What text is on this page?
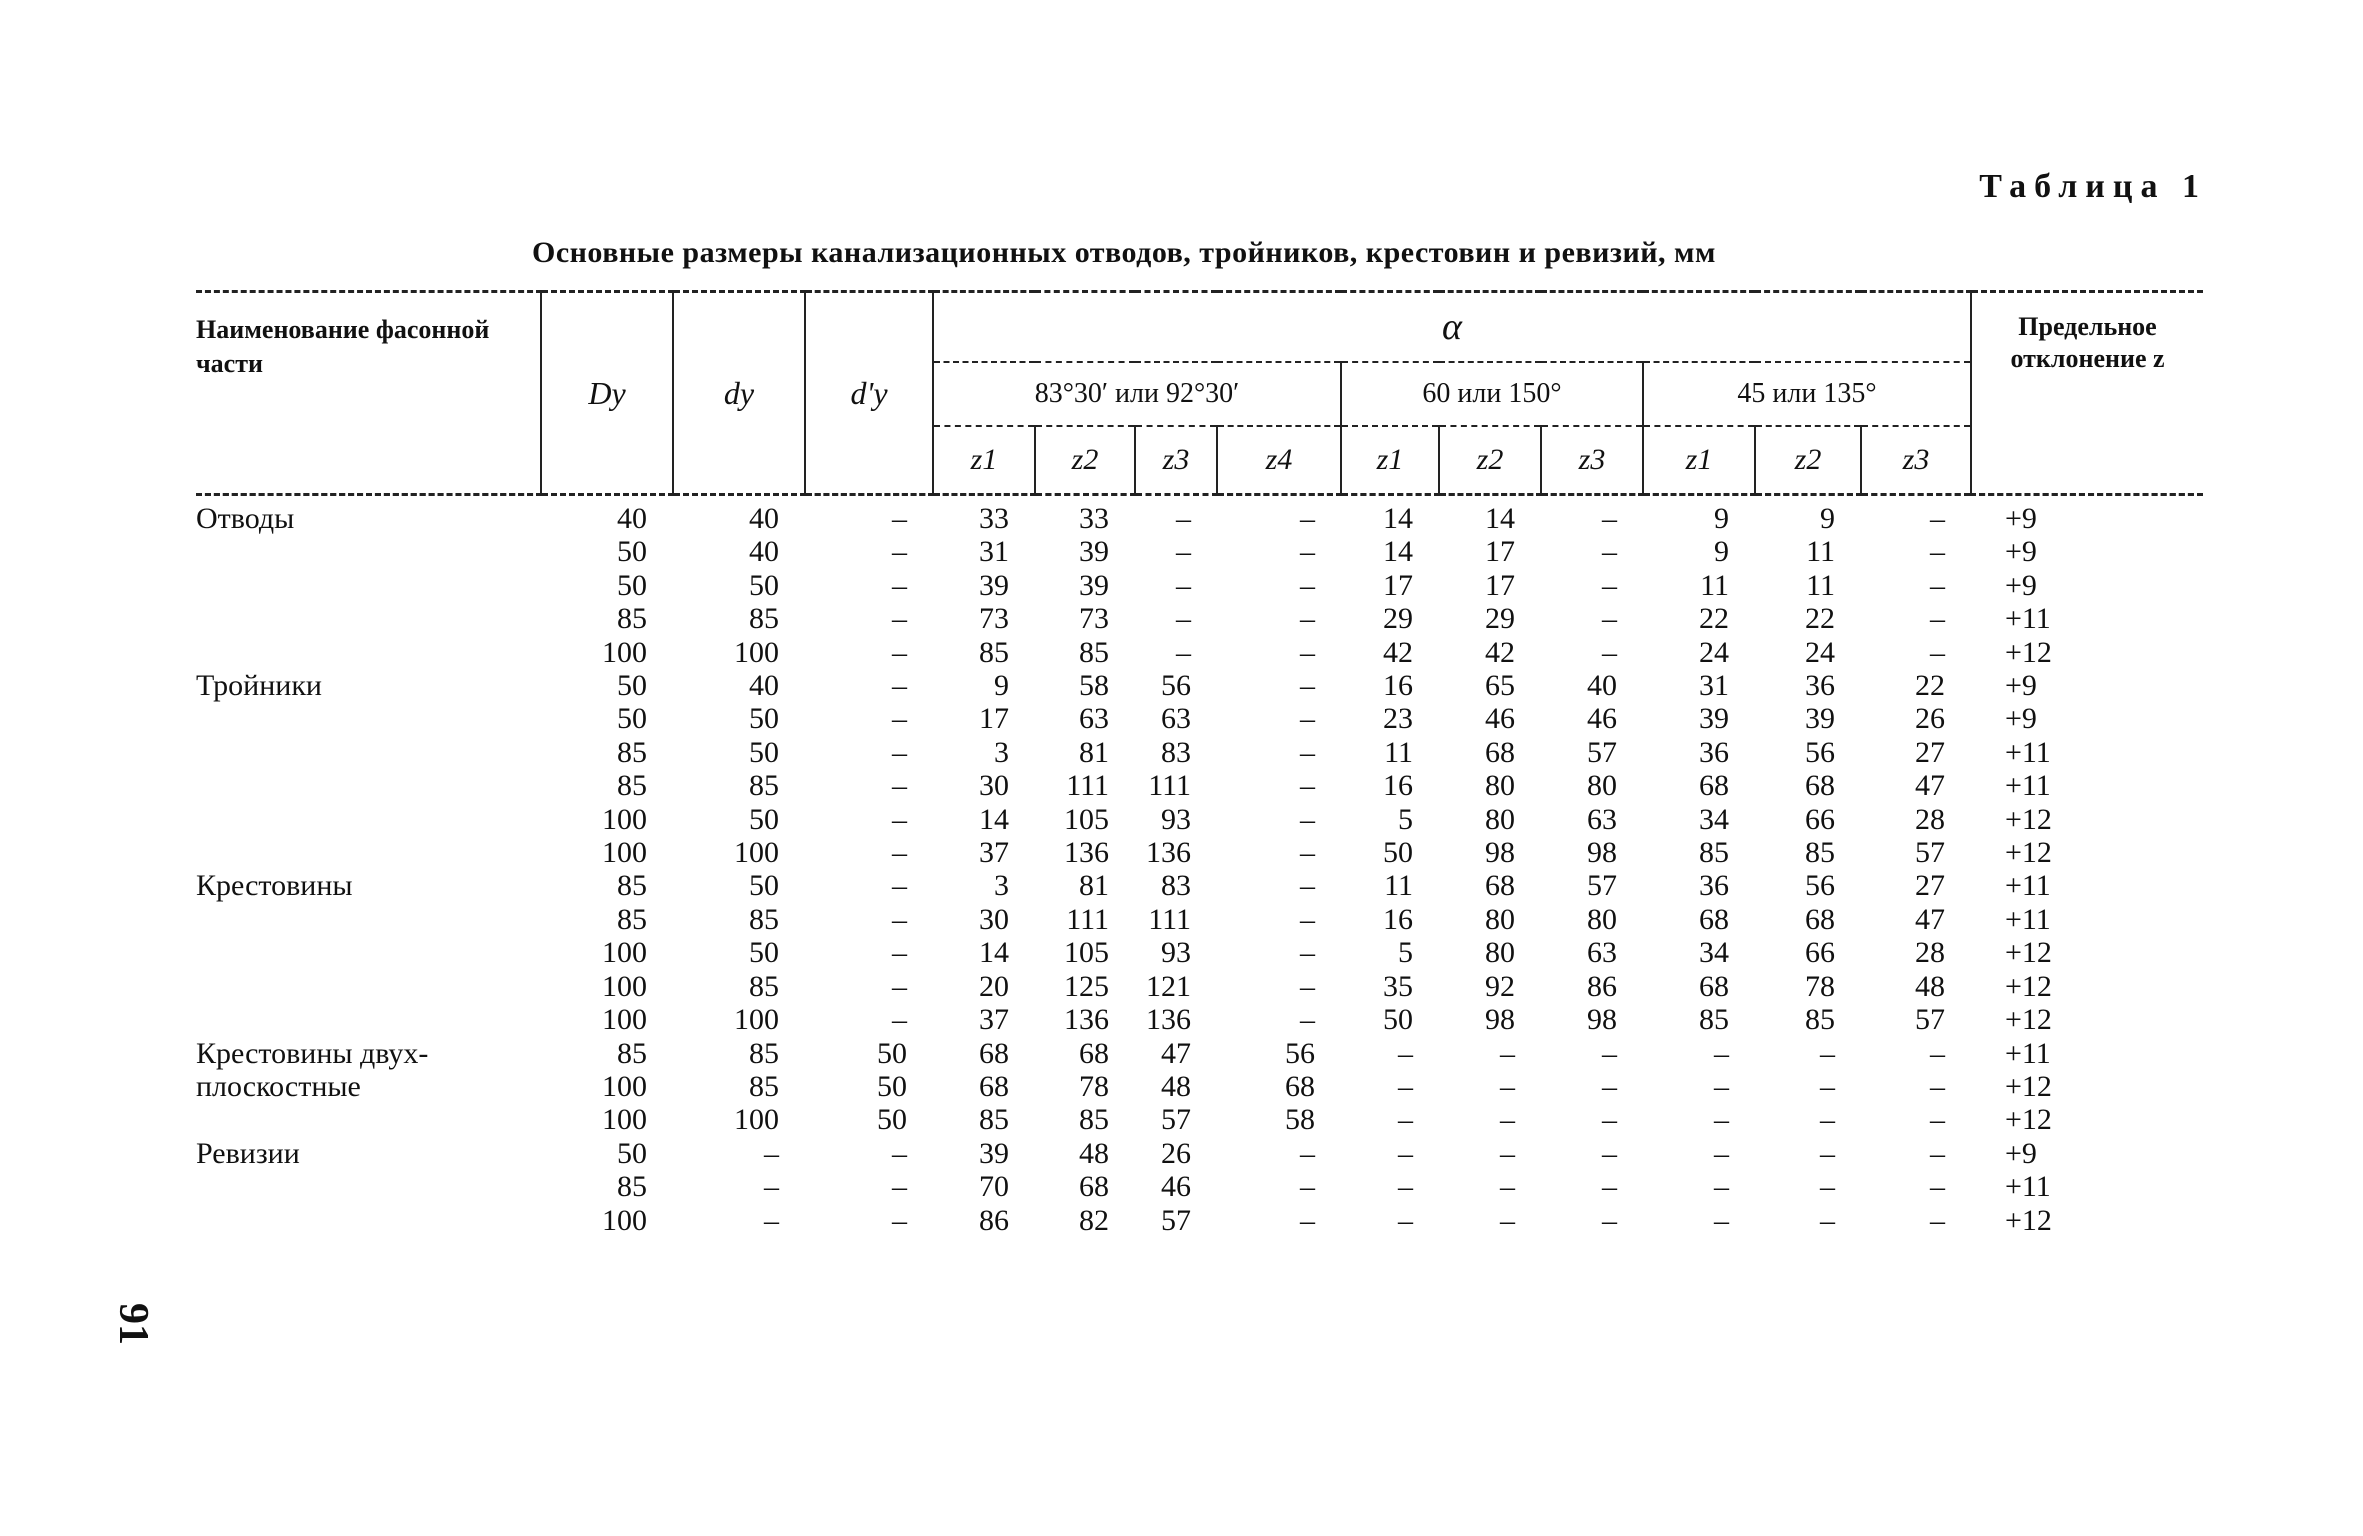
Таблица 1
Основные размеры канализационных отводов, тройников, крестовин и ревизий, мм
91
Наименование фасонной части	Dу	dу	d'у	α										Предельное отклонение z
				83°30′ или 92°30′				60 или 150°			45 или 135°			
				z1	z2	z3	z4	z1	z2	z3	z1	z2	z3	
Отводы	40	40	–	33	33	–	–	14	14	–	9	9	–	+9
	50	40	–	31	39	–	–	14	17	–	9	11	–	+9
	50	50	–	39	39	–	–	17	17	–	11	11	–	+9
	85	85	–	73	73	–	–	29	29	–	22	22	–	+11
	100	100	–	85	85	–	–	42	42	–	24	24	–	+12
Тройники	50	40	–	9	58	56	–	16	65	40	31	36	22	+9
	50	50	–	17	63	63	–	23	46	46	39	39	26	+9
	85	50	–	3	81	83	–	11	68	57	36	56	27	+11
	85	85	–	30	111	111	–	16	80	80	68	68	47	+11
	100	50	–	14	105	93	–	5	80	63	34	66	28	+12
	100	100	–	37	136	136	–	50	98	98	85	85	57	+12
Крестовины	85	50	–	3	81	83	–	11	68	57	36	56	27	+11
	85	85	–	30	111	111	–	16	80	80	68	68	47	+11
	100	50	–	14	105	93	–	5	80	63	34	66	28	+12
	100	85	–	20	125	121	–	35	92	86	68	78	48	+12
	100	100	–	37	136	136	–	50	98	98	85	85	57	+12
Крестовины двух-	85	85	50	68	68	47	56	–	–	–	–	–	–	+11
плоскостные	100	85	50	68	78	48	68	–	–	–	–	–	–	+12
	100	100	50	85	85	57	58	–	–	–	–	–	–	+12
Ревизии	50	–	–	39	48	26	–	–	–	–	–	–	–	+9
	85	–	–	70	68	46	–	–	–	–	–	–	–	+11
	100	–	–	86	82	57	–	–	–	–	–	–	–	+12
